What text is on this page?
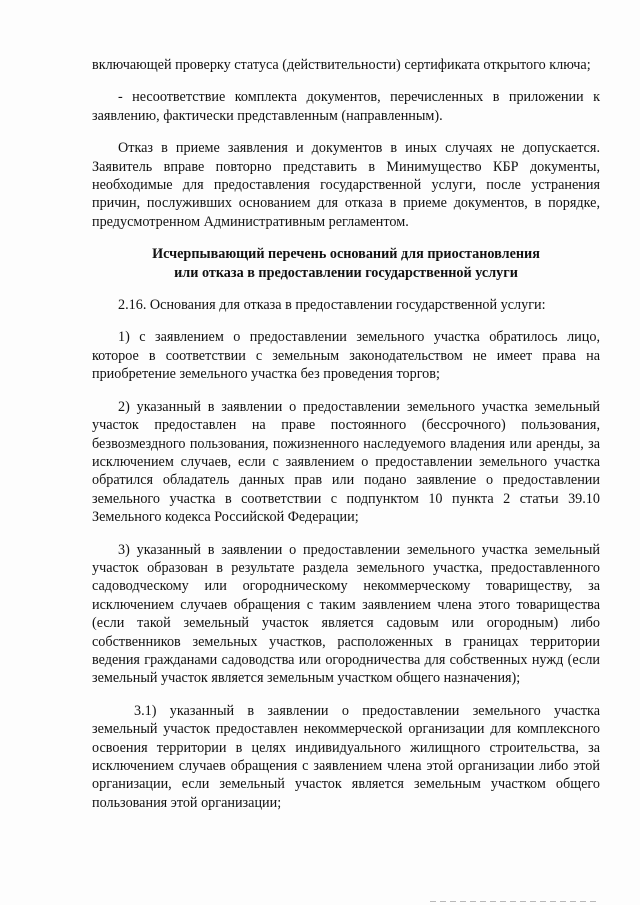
включающей проверку статуса (действительности) сертификата открытого ключа;

- несоответствие комплекта документов, перечисленных в приложении к заявлению, фактически представленным (направленным).

Отказ в приеме заявления и документов в иных случаях не допускается. Заявитель вправе повторно представить в Минимущество КБР документы, необходимые для предоставления государственной услуги, после устранения причин, послуживших основанием для отказа в приеме документов, в порядке, предусмотренном Административным регламентом.

Исчерпывающий перечень оснований для приостановления
или отказа в предоставлении государственной услуги

2.16. Основания для отказа в предоставлении государственной услуги:

1) с заявлением о предоставлении земельного участка обратилось лицо, которое в соответствии с земельным законодательством не имеет права на приобретение земельного участка без проведения торгов;

2) указанный в заявлении о предоставлении земельного участка земельный участок предоставлен на праве постоянного (бессрочного) пользования, безвозмездного пользования, пожизненного наследуемого владения или аренды, за исключением случаев, если с заявлением о предоставлении земельного участка обратился обладатель данных прав или подано заявление о предоставлении земельного участка в соответствии с подпунктом 10 пункта 2 статьи 39.10 Земельного кодекса Российской Федерации;

3) указанный в заявлении о предоставлении земельного участка земельный участок образован в результате раздела земельного участка, предоставленного садоводческому или огородническому некоммерческому товариществу, за исключением случаев обращения с таким заявлением члена этого товарищества (если такой земельный участок является садовым или огородным) либо собственников земельных участков, расположенных в границах территории ведения гражданами садоводства или огородничества для собственных нужд (если земельный участок является земельным участком общего назначения);

3.1) указанный в заявлении о предоставлении земельного участка земельный участок предоставлен некоммерческой организации для комплексного освоения территории в целях индивидуального жилищного строительства, за исключением случаев обращения с заявлением члена этой организации либо этой организации, если земельный участок является земельным участком общего пользования этой организации;
